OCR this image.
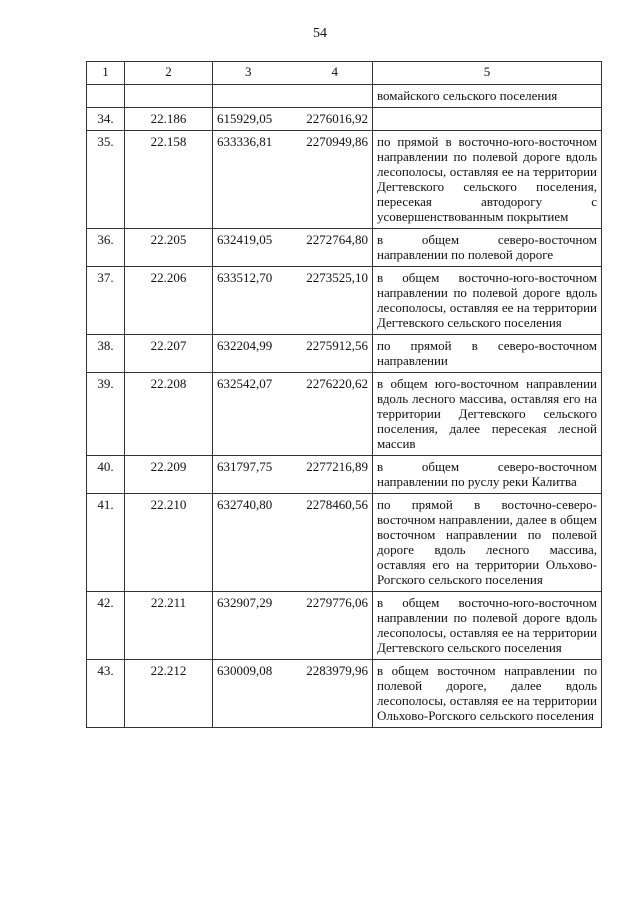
54
1	2	3 4	5

			вомайского сельского поселения

34.	22.186	615929,05 2276016,92	

35.	22.158	633336,81 2270949,86	по прямой в восточно-юго-восточном направлении по полевой дороге вдоль лесополосы, оставляя ее на территории Дегтевского сельского поселения, пересекая автодорогу с усовершенствованным покрытием

36.	22.205	632419,05 2272764,80	в общем северо-восточном направлении по полевой дороге

37.	22.206	633512,70 2273525,10	в общем восточно-юго-восточном направлении по полевой дороге вдоль лесополосы, оставляя ее на территории Дегтевского сельского поселения

38.	22.207	632204,99 2275912,56	по прямой в северо-восточном направлении

39.	22.208	632542,07 2276220,62	в общем юго-восточном направлении вдоль лесного массива, оставляя его на территории Дегтевского сельского поселения, далее пересекая лесной массив

40.	22.209	631797,75 2277216,89	в общем северо-восточном направлении по руслу реки Калитва

41.	22.210	632740,80 2278460,56	по прямой в восточно-северо-восточном направлении, далее в общем восточном направлении по полевой дороге вдоль лесного массива, оставляя его на территории Ольхово-Рогского сельского поселения

42.	22.211	632907,29 2279776,06	в общем восточно-юго-восточном направлении по полевой дороге вдоль лесополосы, оставляя ее на территории Дегтевского сельского поселения

43.	22.212	630009,08 2283979,96	в общем восточном направлении по полевой дороге, далее вдоль лесополосы, оставляя ее на территории Ольхово-Рогского сельского поселения
